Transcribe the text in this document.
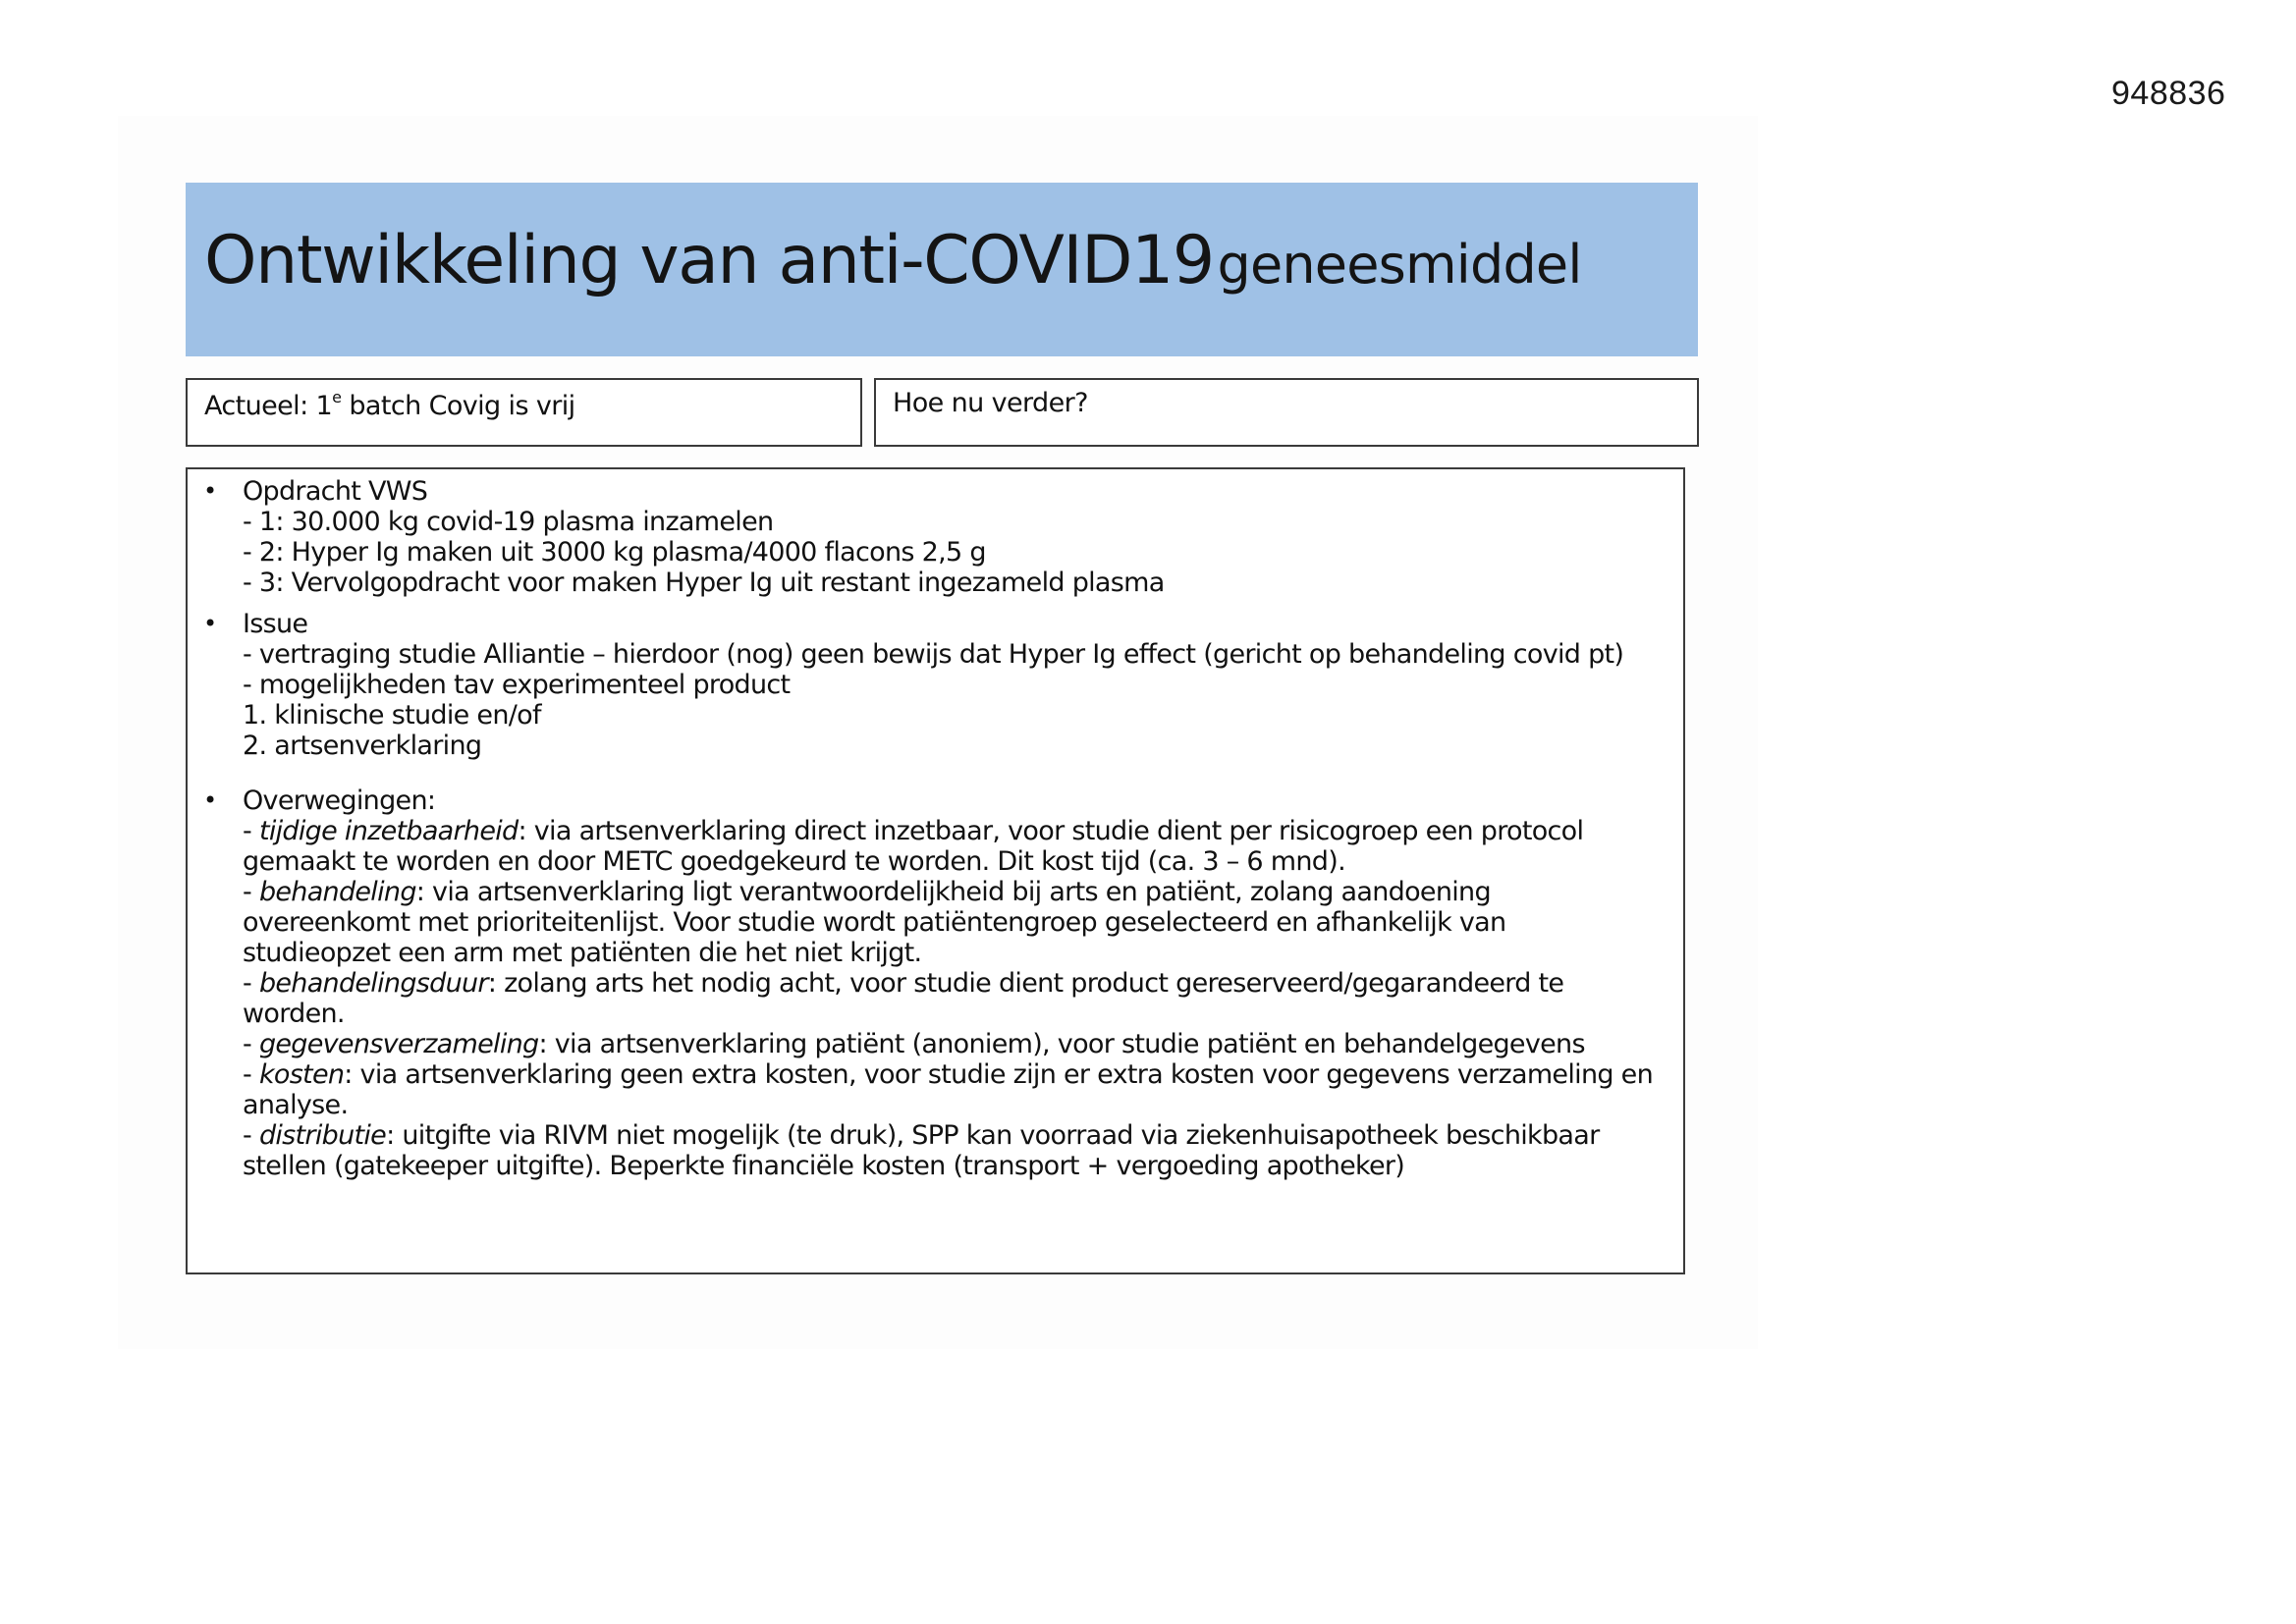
948836
Ontwikkeling van anti-COVID19 geneesmiddel
Actueel: 1e batch Covig is vrij	Hoe nu verder?
• Opdracht VWS
- 1: 30.000 kg covid-19 plasma inzamelen
- 2: Hyper Ig maken uit 3000 kg plasma/4000 flacons 2,5 g
- 3: Vervolgopdracht voor maken Hyper Ig uit restant ingezameld plasma
• Issue
- vertraging studie Alliantie – hierdoor (nog) geen bewijs dat Hyper Ig effect (gericht op behandeling covid pt)
- mogelijkheden tav experimenteel product
1. klinische studie en/of
2. artsenverklaring
• Overwegingen:
- tijdige inzetbaarheid: via artsenverklaring direct inzetbaar, voor studie dient per risicogroep een protocol
gemaakt te worden en door METC goedgekeurd te worden. Dit kost tijd (ca. 3 – 6 mnd).
- behandeling: via artsenverklaring ligt verantwoordelijkheid bij arts en patiënt, zolang aandoening
overeenkomt met prioriteitenlijst. Voor studie wordt patiëntengroep geselecteerd en afhankelijk van
studieopzet een arm met patiënten die het niet krijgt.
- behandelingsduur: zolang arts het nodig acht, voor studie dient product gereserveerd/gegarandeerd te
worden.
- gegevensverzameling: via artsenverklaring patiënt (anoniem), voor studie patiënt en behandelgegevens
- kosten: via artsenverklaring geen extra kosten, voor studie zijn er extra kosten voor gegevens verzameling en
analyse.
- distributie: uitgifte via RIVM niet mogelijk (te druk), SPP kan voorraad via ziekenhuisapotheek beschikbaar
stellen (gatekeeper uitgifte). Beperkte financiële kosten (transport + vergoeding apotheker)
